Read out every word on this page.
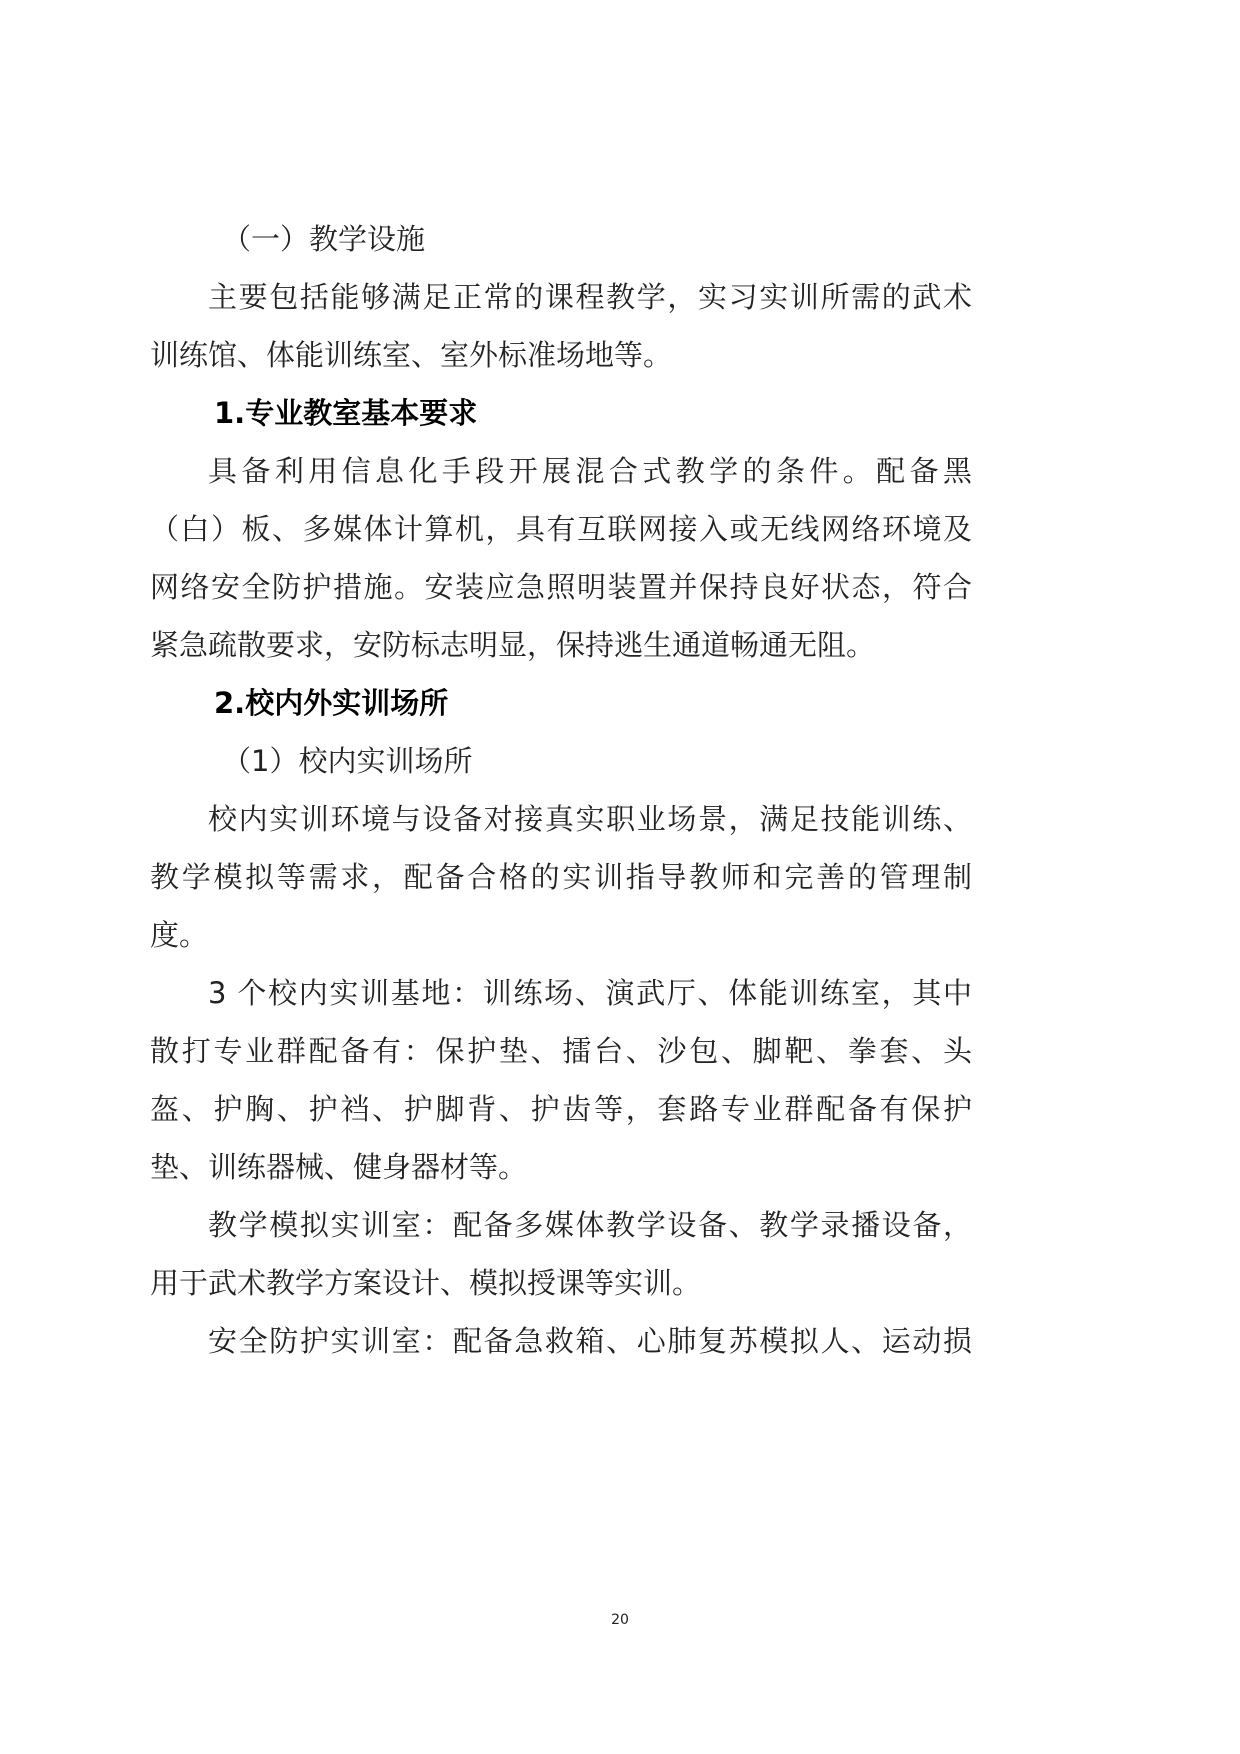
（一）教学设施
主要包括能够满足正常的课程教学，实习实训所需的武术
训练馆、体能训练室、室外标准场地等。
1.专业教室基本要求
具备利用信息化手段开展混合式教学的条件。配备黑
（白）板、多媒体计算机，具有互联网接入或无线网络环境及
网络安全防护措施。安装应急照明装置并保持良好状态，符合
紧急疏散要求，安防标志明显，保持逃生通道畅通无阻。
2.校内外实训场所
（1）校内实训场所
校内实训环境与设备对接真实职业场景，满足技能训练、
教学模拟等需求，配备合格的实训指导教师和完善的管理制
度。
3 个校内实训基地：训练场、演武厅、体能训练室，其中
散打专业群配备有：保护垫、擂台、沙包、脚靶、拳套、头
盔、护胸、护裆、护脚背、护齿等，套路专业群配备有保护
垫、训练器械、健身器材等。
教学模拟实训室：配备多媒体教学设备、教学录播设备，
用于武术教学方案设计、模拟授课等实训。
安全防护实训室：配备急救箱、心肺复苏模拟人、运动损
20
